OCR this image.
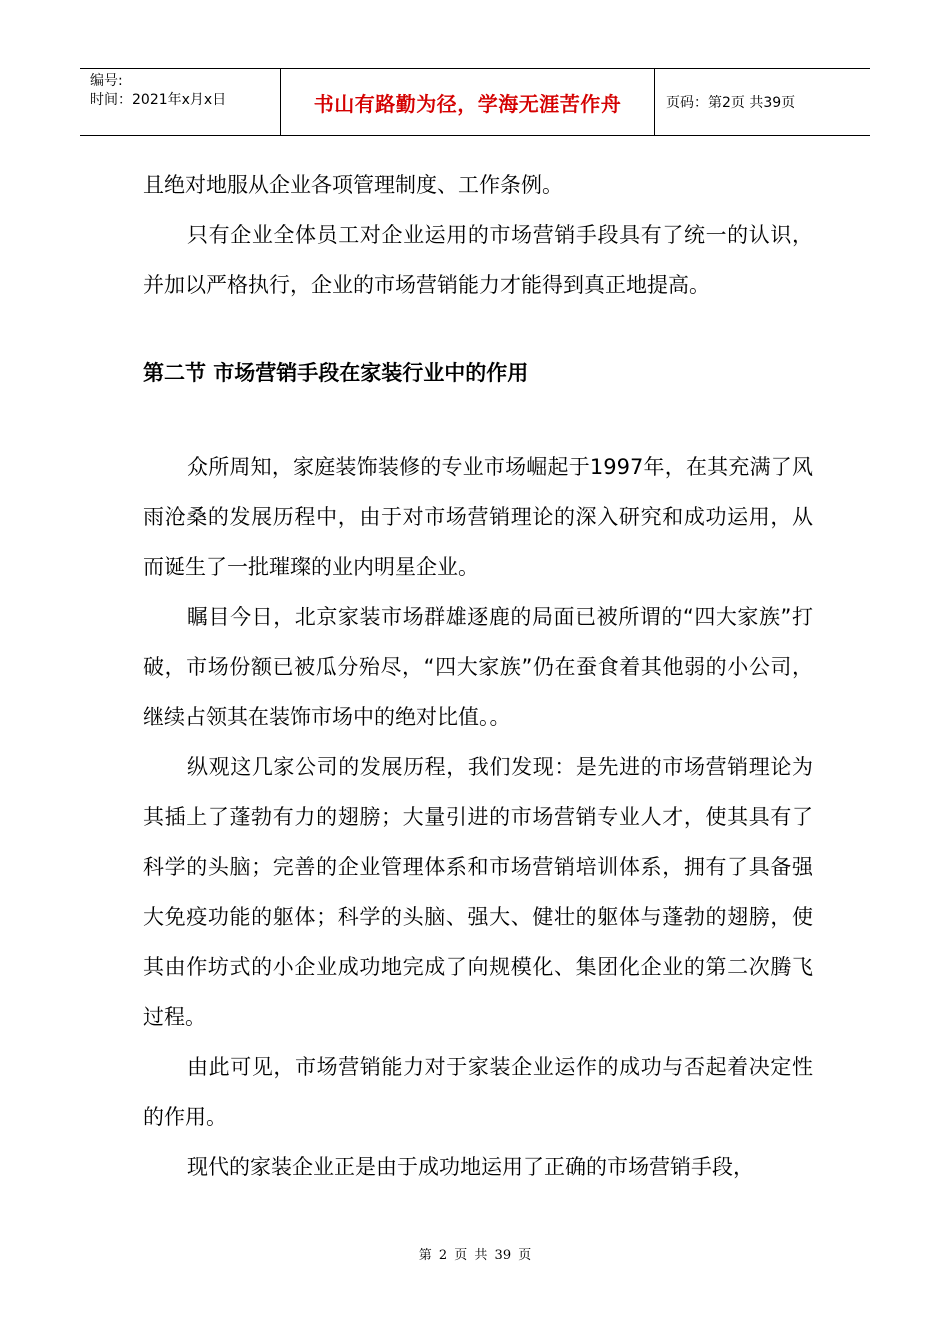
编号:
时间：2021年x月x日	书山有路勤为径，学海无涯苦作舟	页码：第2页 共39页

且绝对地服从企业各项管理制度、工作条例。

只有企业全体员工对企业运用的市场营销手段具有了统一的认识，并加以严格执行，企业的市场营销能力才能得到真正地提高。

第二节 市场营销手段在家装行业中的作用

众所周知，家庭装饰装修的专业市场崛起于1997年，在其充满了风雨沧桑的发展历程中，由于对市场营销理论的深入研究和成功运用，从而诞生了一批璀璨的业内明星企业。

瞩目今日，北京家装市场群雄逐鹿的局面已被所谓的“四大家族”打破，市场份额已被瓜分殆尽，“四大家族”仍在蚕食着其他弱的小公司，继续占领其在装饰市场中的绝对比值。。

纵观这几家公司的发展历程，我们发现：是先进的市场营销理论为其插上了蓬勃有力的翅膀；大量引进的市场营销专业人才，使其具有了科学的头脑；完善的企业管理体系和市场营销培训体系，拥有了具备强大免疫功能的躯体；科学的头脑、强大、健壮的躯体与蓬勃的翅膀，使其由作坊式的小企业成功地完成了向规模化、集团化企业的第二次腾飞过程。

由此可见，市场营销能力对于家装企业运作的成功与否起着决定性的作用。

现代的家装企业正是由于成功地运用了正确的市场营销手段，

第 2 页 共 39 页
